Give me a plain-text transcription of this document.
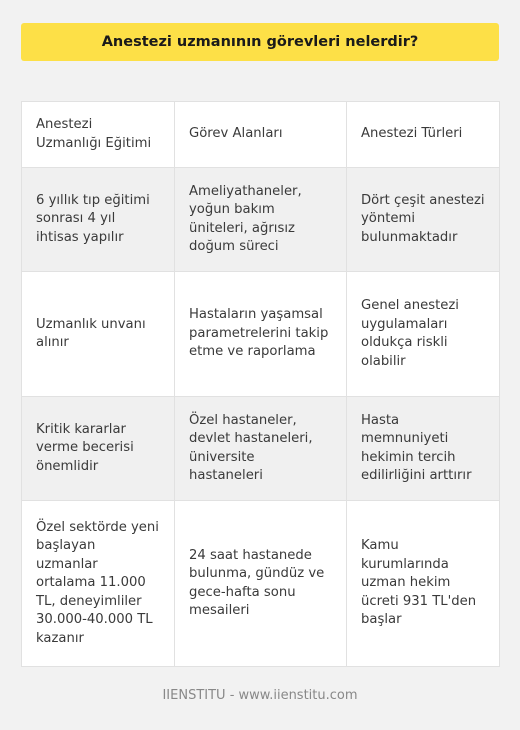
Anestezi uzmanının görevleri nelerdir?
Anestezi Uzmanlığı Eğitimi	Görev Alanları	Anestezi Türleri
6 yıllık tıp eğitimi sonrası 4 yıl ihtisas yapılır	Ameliyathaneler, yoğun bakım üniteleri, ağrısız doğum süreci	Dört çeşit anestezi yöntemi bulunmaktadır
Uzmanlık unvanı alınır	Hastaların yaşamsal parametrelerini takip etme ve raporlama	Genel anestezi uygulamaları oldukça riskli olabilir
Kritik kararlar verme becerisi önemlidir	Özel hastaneler, devlet hastaneleri, üniversite hastaneleri	Hasta memnuniyeti hekimin tercih edilirliğini arttırır
Özel sektörde yeni başlayan uzmanlar ortalama 11.000 TL, deneyimliler 30.000-40.000 TL kazanır	24 saat hastanede bulunma, gündüz ve gece-hafta sonu mesaileri	Kamu kurumlarında uzman hekim ücreti 931 TL'den başlar
IIENSTITU - www.iienstitu.com
